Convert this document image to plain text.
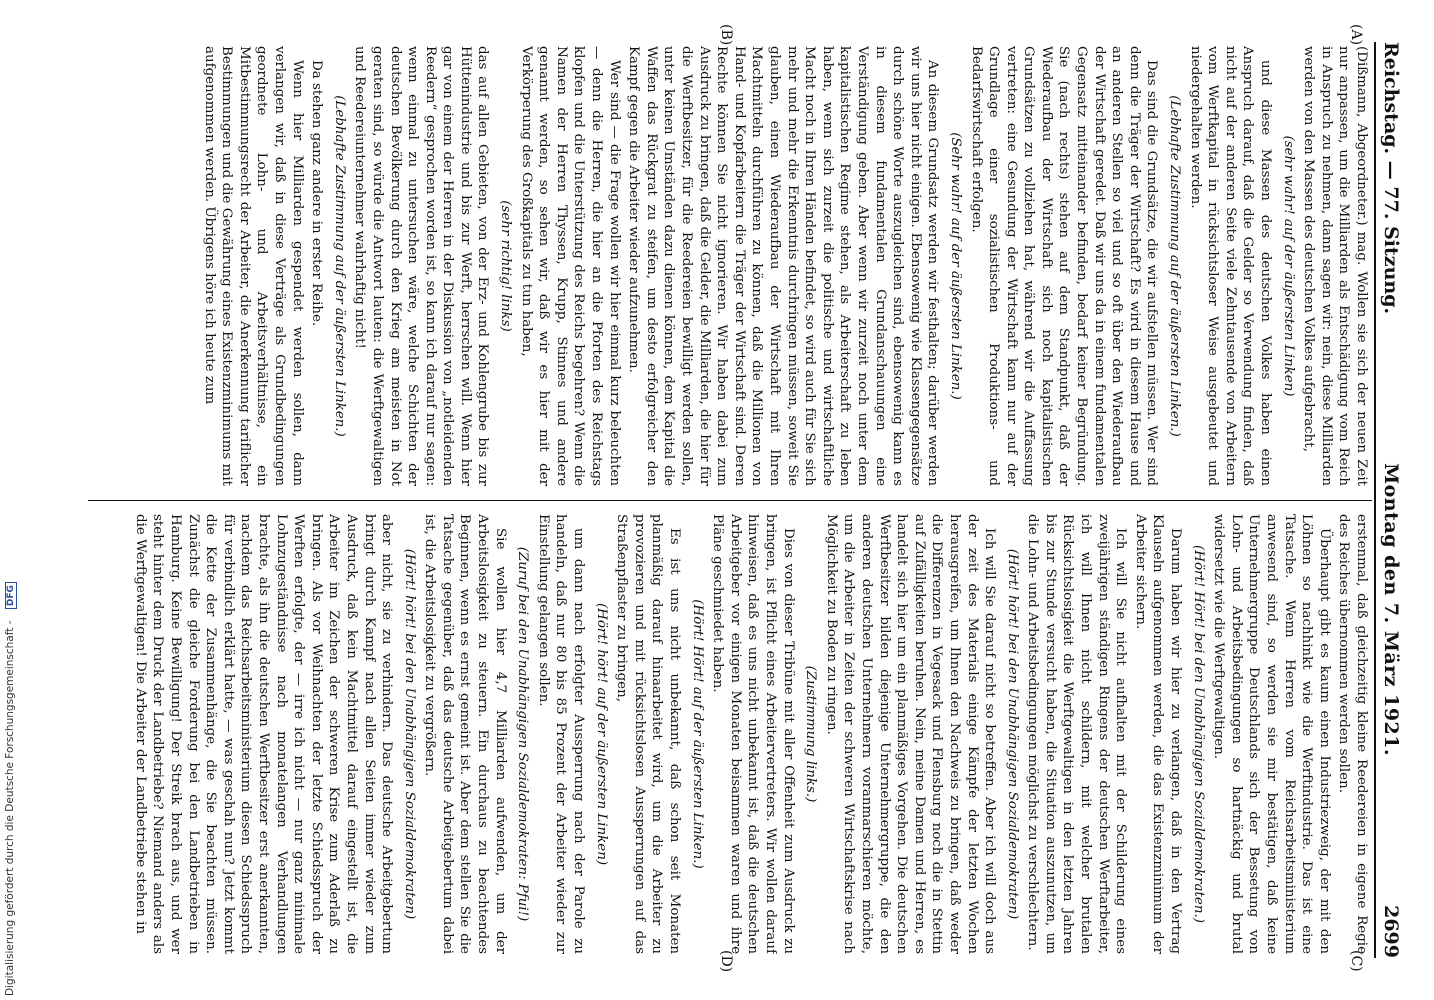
Reichstag. — 77. Sitzung.
Montag den 7. März 1921.
2699
(A)
(B)
(C)
(D)

(Dißmann, Abgeordneter.) mag. Wollen sie sich der neuen Zeit nur anpassen, um die Milliarden als Entschädigung vom Reich in Anspruch zu nehmen, dann sagen wir: nein, diese Milliarden werden von den Massen des deutschen Volkes aufgebracht,

(sehr wahr! auf der äußersten Linken)

und diese Massen des deutschen Volkes haben einen Anspruch darauf, daß die Gelder so Verwendung finden, daß nicht auf der anderen Seite viele Zehntausende von Arbeitern vom Werftkapital in rücksichtsloser Weise ausgebeutet und niedergehalten werden.

(Lebhafte Zustimmung auf der äußersten Linken.)

Das sind die Grundsätze, die wir aufstellen müssen. Wer sind denn die Träger der Wirtschaft? Es wird in diesem Hause und an anderen Stellen so viel und so oft über den Wiederaufbau der Wirtschaft geredet. Daß wir uns da in einem fundamentalen Gegensatz mitteinander befinden, bedarf keiner Begründung. Sie (nach rechts) stehen auf dem Standpunkt, daß der Wiederaufbau der Wirtschaft sich noch kapitalistischen Grundsätzen zu vollziehen hat, während wir die Auffassung vertreten: eine Gesundung der Wirtschaft kann nur auf der Grundlage einer sozialistischen Produktions- und Bedarfswirtschaft erfolgen.

(Sehr wahr! auf der äußersten Linken.)

An diesem Grundsatz werden wir festhalten; darüber werden wir uns hier nicht einigen. Ebensowenig wie Klassengegensätze durch schöne Worte auszugleichen sind, ebensowenig kann es in diesem fundamentalen Grundanschauungen eine Verständigung geben. Aber wenn wir zurzeit noch unter dem kapitalistischen Regime stehen, als Arbeiterschaft zu leben haben, wenn sich zurzeit die politische und wirtschaftliche Macht noch in Ihren Händen befindet, so wird auch für Sie sich mehr und mehr die Erkenntnis durchringen müssen, soweit Sie glauben, einen Wiederaufbau der Wirtschaft mit Ihren Machtmitteln durchführen zu können, daß die Millionen von Hand- und Kopfarbeitern die Träger der Wirtschaft sind. Deren Rechte können Sie nicht ignorieren. Wir haben dabei zum Ausdruck zu bringen, daß die Gelder, die Milliarden, die hier für die Werftbesitzer, für die Reedereien bewilligt werden sollen, unter keinen Umständen dazu dienen können, dem Kapital die Waffen das Rückgrat zu steifen, um desto erfolgreicher den Kampf gegen die Arbeiter wieder aufzunehmen.

Wer sind — die Frage wollen wir hier einmal kurz beleuchten — denn die Herren, die hier an die Pforten des Reichstags klopfen und die Unterstützung des Reichs begehren? Wenn die Namen der Herren Thyssen, Krupp, Stinnes und andere genannt werden, so sehen wir, daß wir es hier mit der Verkörperung des Großkapitals zu tun haben,

(sehr richtig! links)

das auf allen Gebieten, von der Erz- und Kohlengrube bis zur Hüttenindustrie und bis zur Werft, herrschen will. Wenn hier gar von einem der Herren in der Diskussion von „notleidenden Reedern“ gesprochen worden ist, so kann ich darauf nur sagen: wenn einmal zu untersuchen wäre, welche Schichten der deutschen Bevölkerung durch den Krieg am meisten in Not geraten sind, so würde die Antwort lauten: die Werftgewaltigen und Reedereiunternehmer wahrhaftig nicht!

(Lebhafte Zustimmung auf der äußersten Linken.)

Da stehen ganz andere in erster Reihe.

Wenn hier Milliarden gespendet werden sollen, dann verlangen wir, daß in diese Verträge als Grundbedingungen geordnete Lohn- und Arbeitsverhältnisse, ein Mitbestimmungsrecht der Arbeiter, die Anerkennung tariflicher Bestimmungen und die Gewährung eines Existenzminimums mit aufgenommen werden. Übrigens höre ich heute zum

erstenmal, daß gleichzeitig kleine Reedereien in eigene Regie des Reiches übernommen werden sollen.

Überhaupt gibt es kaum einen Industriezweig, der mit den Löhnen so nachhinkt wie die Werftindustrie. Das ist eine Tatsache. Wenn Herren vom Reichsarbeitsministerium anwesend sind, so werden sie mir bestätigen, daß keine Unternehmergruppe Deutschlands sich der Bessetung von Lohn- und Arbeitsbedingungen so hartnäckig und brutal widersetzt wie die Werftgewaltigen.

(Hört! Hört! bei den Unabhängigen Sozialdemokraten.)

Darum haben wir hier zu verlangen, daß in den Vertrag Klauseln aufgenommen werden, die das Existenzminimum der Arbeiter sichern.

Ich will Sie nicht aufhalten mit der Schilderung eines zweijährigen ständigen Ringens der deutschen Werftarbeiter, ich will Ihnen nicht schildern, mit welcher brutalen Rücksichtslosigkeit die Werftgewaltigen in den letzten Jahren bis zur Stunde versucht haben, die Situation auszunutzen, um die Lohn- und Arbeitsbedingungen möglichst zu verschlechtern.

(Hört! hört! bei den Unabhängigen Sozialdemokraten)

Ich will Sie darauf nicht so betreffen. Aber ich will doch aus der zeit des Materials einige Kämpfe der letzten Wochen herausgreifen, um Ihnen den Nachweis zu bringen, daß weder die Differenzen in Vegesack und Flensburg noch die in Stettin auf Zufälligkeiten beruhen. Nein, meine Damen und Herren, es handelt sich hier um ein planmäßiges Vorgehen. Die deutschen Werftbesitzer bilden diejenige Unternehmergruppe, die den anderen deutschen Unternehmern voranmarschieren möchte, um die Arbeiter in Zeiten der schweren Wirtschaftskrise nach Möglichkeit zu Boden zu ringen.

(Zustimmung links.)

Dies von dieser Tribüne mit aller Offenheit zum Ausdruck zu bringen, ist Pflicht eines Arbeitervertreters. Wir wollen darauf hinweisen, daß es uns nicht unbekannt ist, daß die deutschen Arbeitgeber vor einigen Monaten beisammen waren und ihre Pläne geschmiedet haben.

(Hört! Hört! auf der äußersten Linken.)

Es ist uns nicht unbekannt, daß schon seit Monaten planmäßig darauf hinaarbeitet wird, um die Arbeiter zu provozieren und mit rücksichtslosen Aussperrungen auf das Straßenpflaster zu bringen,

(Hört! hört! auf der äußersten Linken)

um dann nach erfolgter Aussperrung nach der Parole zu handeln, daß nur 80 bis 85 Prozent der Arbeiter wieder zur Einstellung gelangen sollen.

(Zuruf bei den Unabhängigen Sozialdemokraten: Pfui!)

Sie wollen hier 4,7 Milliarden aufwenden, um der Arbeitslosigkeit zu steuern. Ein durchaus zu beachtendes Beginnen, wenn es ernst gemeint ist. Aber dem stellen Sie die Tatsache gegenüber, daß das deutsche Arbeitgebertum dabei ist, die Arbeitslosigkeit zu vergrößern.

(Hört! hört! bei den Unabhängigen Sozialdemokraten)

aber nicht, sie zu verhindern. Das deutsche Arbeitgebertum bringt durch Kampf nach allen Seiten immer wieder zum Ausdruck, daß kein Machtmittel darauf eingestellt ist, die Arbeiter im Zeichen der schweren Krise zum Aderlaß zu bringen. Als vor Weihnachten der letzte Schiedsspruch der Werften erfolgte, der — irre ich nicht — nur ganz minimale Lohnzugeständnisse nach monatelangen Verhandlungen brachte, als ihn die deutschen Werftbesitzer erst anerkannten, nachdem das Reichsarbeitsministerium diesen Schiedsspruch für verbindlich erklärt hatte, — was geschah nun? Jetzt kommt die Kette der Zusammenhänge, die Sie beachten müssen. Zunächst die gleiche Forderung bei den Landbetrieben in Hamburg. Keine Bewilligung! Der Streik brach aus, und wer steht hinter dem Druck der Landbetriebe? Niemand anders als die Werftgewaltigen! Die Arbeiter der Landbetriebe stehen in

Digitalisierung gefördert durch die Deutsche Forschungsgemeinschaft - DFG
